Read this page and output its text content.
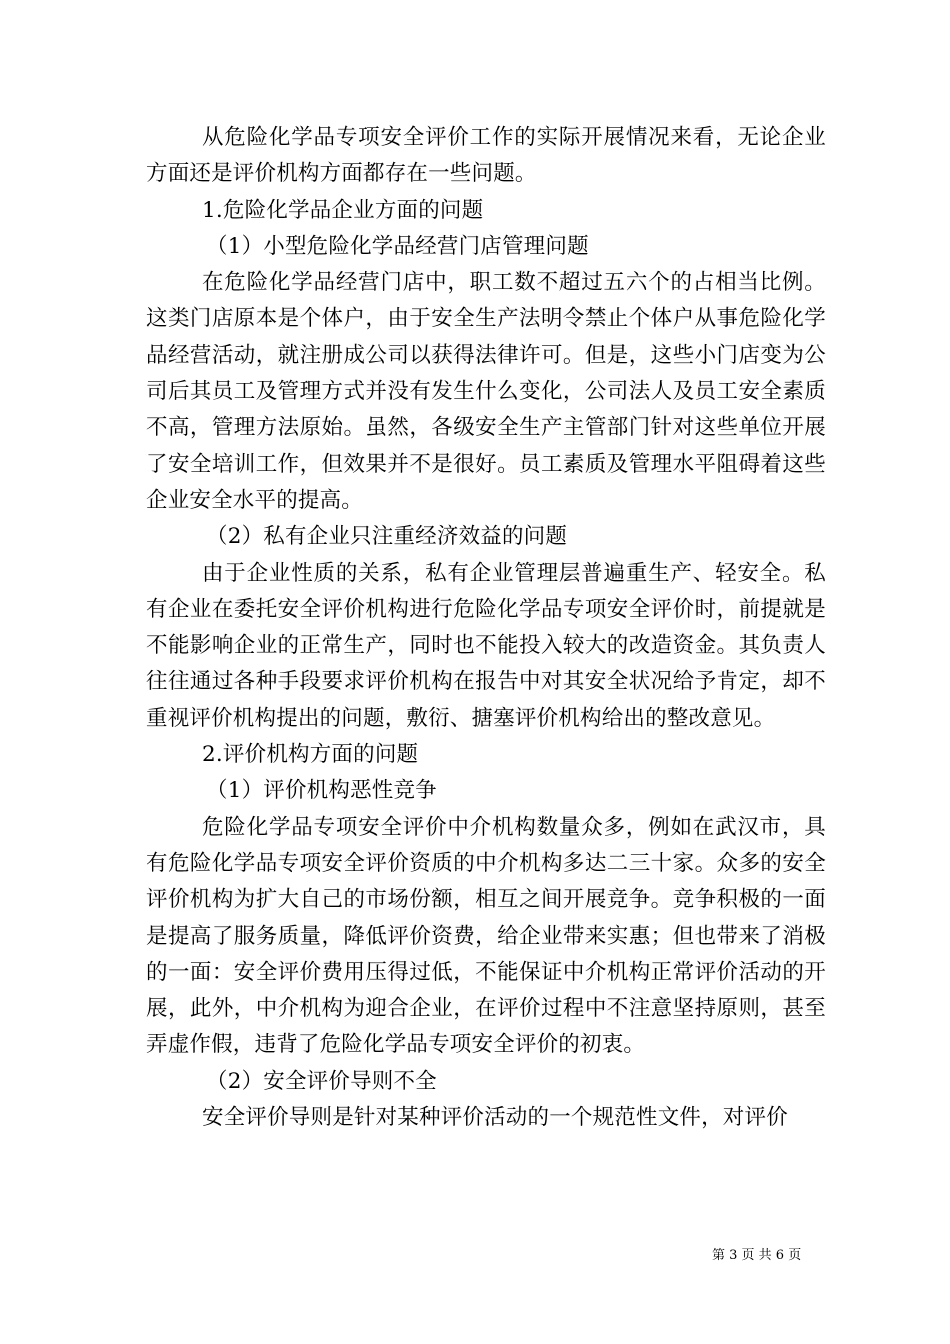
从危险化学品专项安全评价工作的实际开展情况来看，无论企业方面还是评价机构方面都存在一些问题。

1.危险化学品企业方面的问题

（1）小型危险化学品经营门店管理问题

在危险化学品经营门店中，职工数不超过五六个的占相当比例。这类门店原本是个体户，由于安全生产法明令禁止个体户从事危险化学品经营活动，就注册成公司以获得法律许可。但是，这些小门店变为公司后其员工及管理方式并没有发生什么变化，公司法人及员工安全素质不高，管理方法原始。虽然，各级安全生产主管部门针对这些单位开展了安全培训工作，但效果并不是很好。员工素质及管理水平阻碍着这些企业安全水平的提高。

（2）私有企业只注重经济效益的问题

由于企业性质的关系，私有企业管理层普遍重生产、轻安全。私有企业在委托安全评价机构进行危险化学品专项安全评价时，前提就是不能影响企业的正常生产，同时也不能投入较大的改造资金。其负责人往往通过各种手段要求评价机构在报告中对其安全状况给予肯定，却不重视评价机构提出的问题，敷衍、搪塞评价机构给出的整改意见。

2.评价机构方面的问题

（1）评价机构恶性竞争

危险化学品专项安全评价中介机构数量众多，例如在武汉市，具有危险化学品专项安全评价资质的中介机构多达二三十家。众多的安全评价机构为扩大自己的市场份额，相互之间开展竞争。竞争积极的一面是提高了服务质量，降低评价资费，给企业带来实惠；但也带来了消极的一面：安全评价费用压得过低，不能保证中介机构正常评价活动的开展，此外，中介机构为迎合企业，在评价过程中不注意坚持原则，甚至弄虚作假，违背了危险化学品专项安全评价的初衷。

（2）安全评价导则不全

安全评价导则是针对某种评价活动的一个规范性文件，对评价

第 3 页 共 6 页
